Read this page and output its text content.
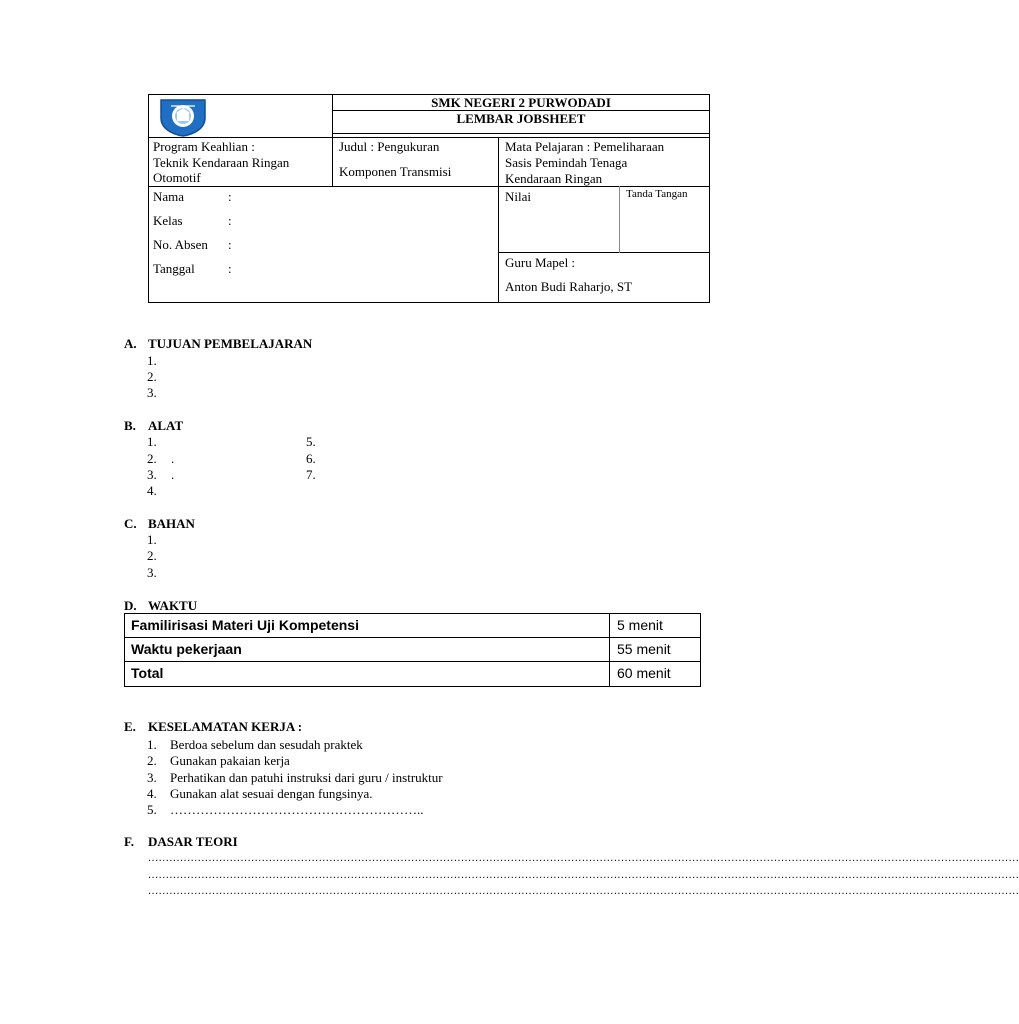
SMK NEGERI 2 PURWODADI
LEMBAR JOBSHEET
Program Keahlian :
Teknik Kendaraan Ringan
Otomotif
Judul : Pengukuran
Komponen Transmisi
Mata Pelajaran : Pemeliharaan
Sasis Pemindah Tenaga
Kendaraan Ringan
Nama	:
Kelas	:
No. Absen :
Tanggal	:
Nilai	Tanda Tangan
Guru Mapel :
Anton Budi Raharjo, ST
A. TUJUAN PEMBELAJARAN
1.
2.
3.
B. ALAT
1.
2. .
3. .
4.
5.
6.
7.
C. BAHAN
1.
2.
3.
D. WAKTU
Familirisasi Materi Uji Kompetensi	5 menit
Waktu pekerjaan	55 menit
Total	60 menit
E. KESELAMATAN KERJA :
1. Berdoa sebelum dan sesudah praktek
2. Gunakan pakaian kerja
3. Perhatikan dan patuhi instruksi dari guru / instruktur
4. Gunakan alat sesuai dengan fungsinya.
5. …………………………………………………..
F. DASAR TEORI
.....................................................................................................................................................................................................................................................
.....................................................................................................................................................................................................................................................
.....................................................................................................................................................................................................................................................
